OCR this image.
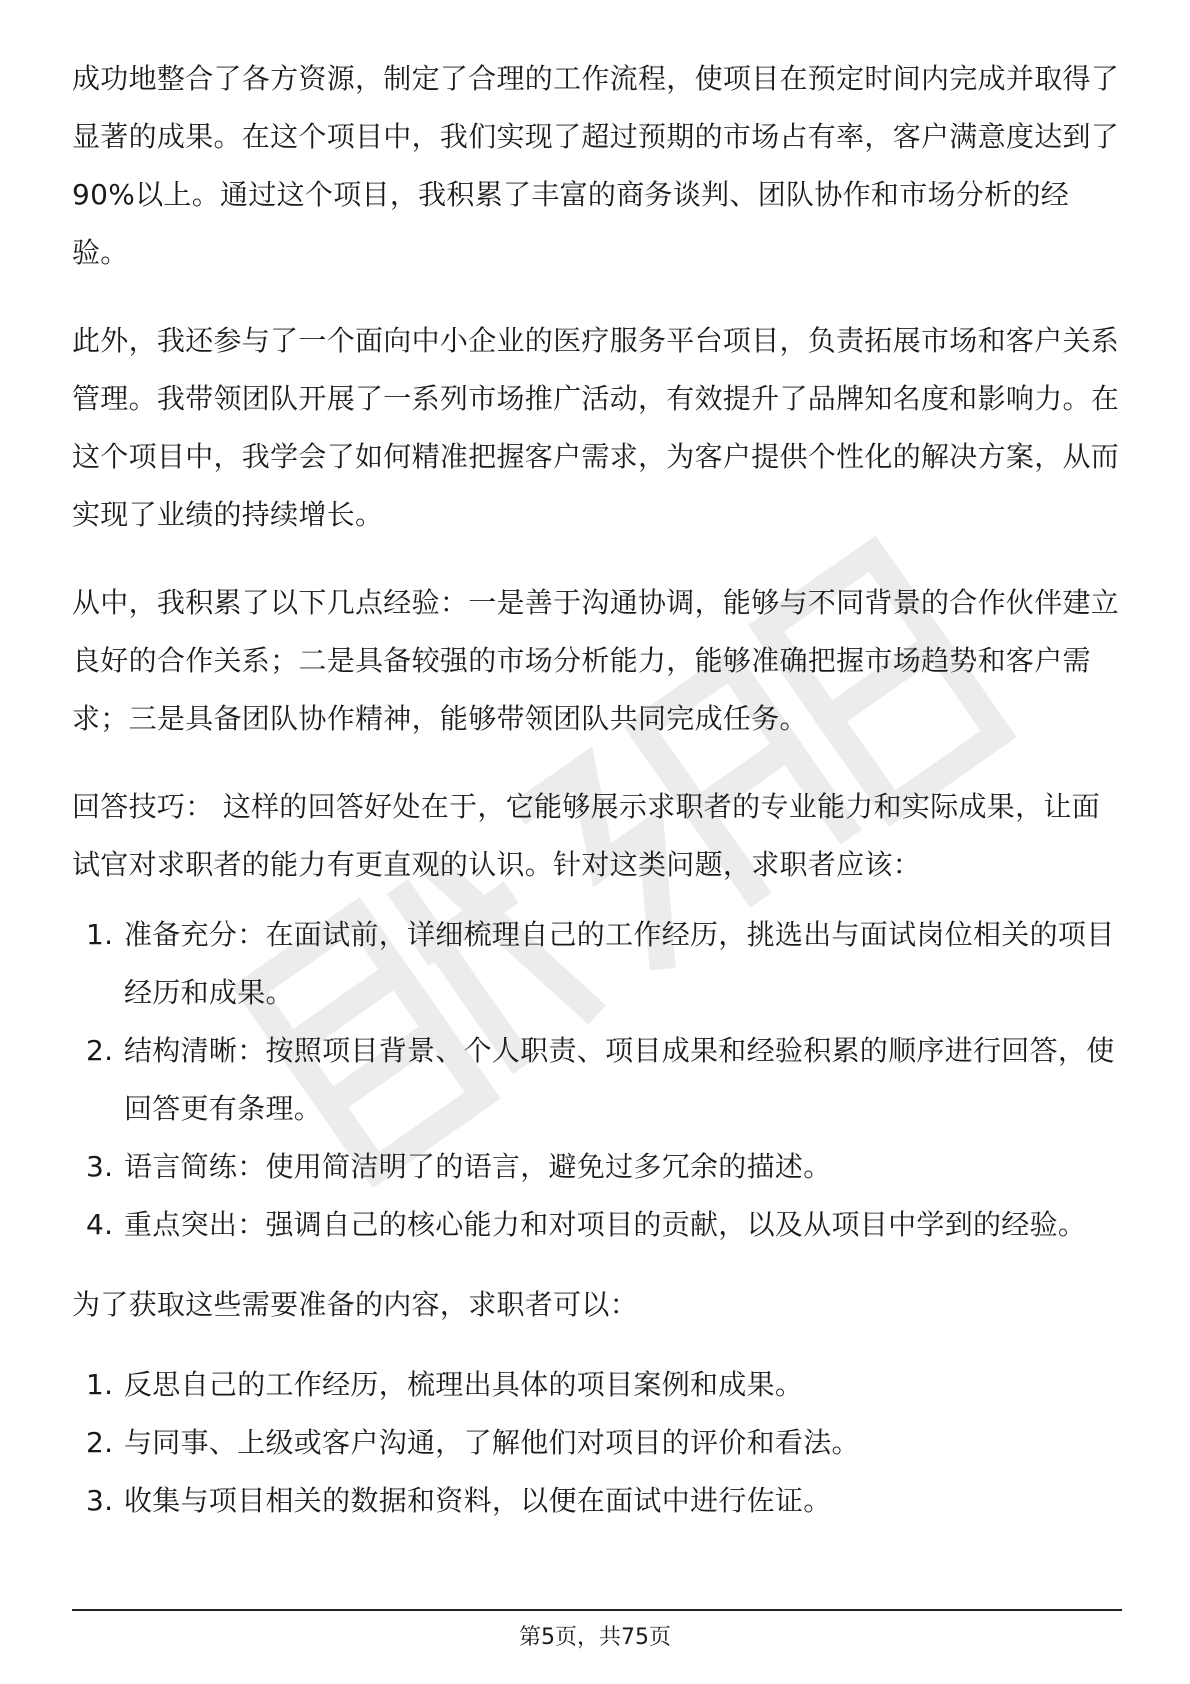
成功地整合了各方资源，制定了合理的工作流程，使项目在预定时间内完成并取得了显著的成果。在这个项目中，我们实现了超过预期的市场占有率，客户满意度达到了90%以上。通过这个项目，我积累了丰富的商务谈判、团队协作和市场分析的经验。

此外，我还参与了一个面向中小企业的医疗服务平台项目，负责拓展市场和客户关系管理。我带领团队开展了一系列市场推广活动，有效提升了品牌知名度和影响力。在这个项目中，我学会了如何精准把握客户需求，为客户提供个性化的解决方案，从而实现了业绩的持续增长。

从中，我积累了以下几点经验：一是善于沟通协调，能够与不同背景的合作伙伴建立良好的合作关系；二是具备较强的市场分析能力，能够准确把握市场趋势和客户需求；三是具备团队协作精神，能够带领团队共同完成任务。

回答技巧： 这样的回答好处在于，它能够展示求职者的专业能力和实际成果，让面试官对求职者的能力有更直观的认识。针对这类问题，求职者应该：

1. 准备充分：在面试前，详细梳理自己的工作经历，挑选出与面试岗位相关的项目经历和成果。
2. 结构清晰：按照项目背景、个人职责、项目成果和经验积累的顺序进行回答，使回答更有条理。
3. 语言简练：使用简洁明了的语言，避免过多冗余的描述。
4. 重点突出：强调自己的核心能力和对项目的贡献，以及从项目中学到的经验。

为了获取这些需要准备的内容，求职者可以：

1. 反思自己的工作经历，梳理出具体的项目案例和成果。
2. 与同事、上级或客户沟通，了解他们对项目的评价和看法。
3. 收集与项目相关的数据和资料，以便在面试中进行佐证。
第5页，共75页
